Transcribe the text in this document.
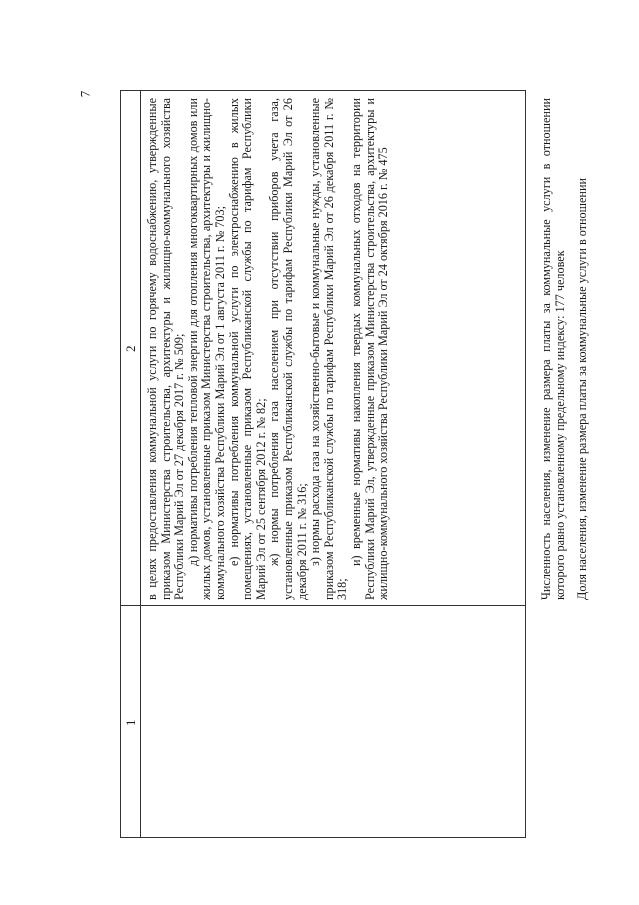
7
1
2 в целях предоставления коммунальной услуги по горячему водоснабжению, утвержденные приказом Министерства строительства, архитектуры и жилищно-коммунального хозяйства Республики Марий Эл от 27 декабря 2017 г. № 509; д) нормативы потребления тепловой энергии для отопления многоквартирных домов или жилых домов, установленные приказом Министерства строительства, архитектуры и жилищно-коммунального хозяйства Республики Марий Эл от 1 августа 2011 г. № 703; е) нормативы потребления коммунальной услуги по электроснабжению в жилых помещениях, установленные приказом Республиканской службы по тарифам Республики Марий Эл от 25 сентября 2012 г. № 82; ж) нормы потребления газа населением при отсутствии приборов учета газа, установленные приказом Республиканской службы по тарифам Республики Марий Эл от 26 декабря 2011 г. № 316; з) нормы расхода газа на хозяйственно-бытовые и коммунальные нужды, установленные приказом Республиканской службы по тарифам Республики Марий Эл от 26 декабря 2011 г. № 318;

и) временные нормативы накопления твердых коммунальных отходов на территории Республики Марий Эл, утвержденные приказом Министерства строительства, архитектуры и жилищно-коммунального хозяйства Республики Марий Эл от 24 октября 2016 г. № 475	Численность населения, изменение размера платы за коммунальные услуги в отношении которого равно установленному предельному индексу: 177 человек Доля населения, изменение размера платы за коммунальные услуги в отношении
